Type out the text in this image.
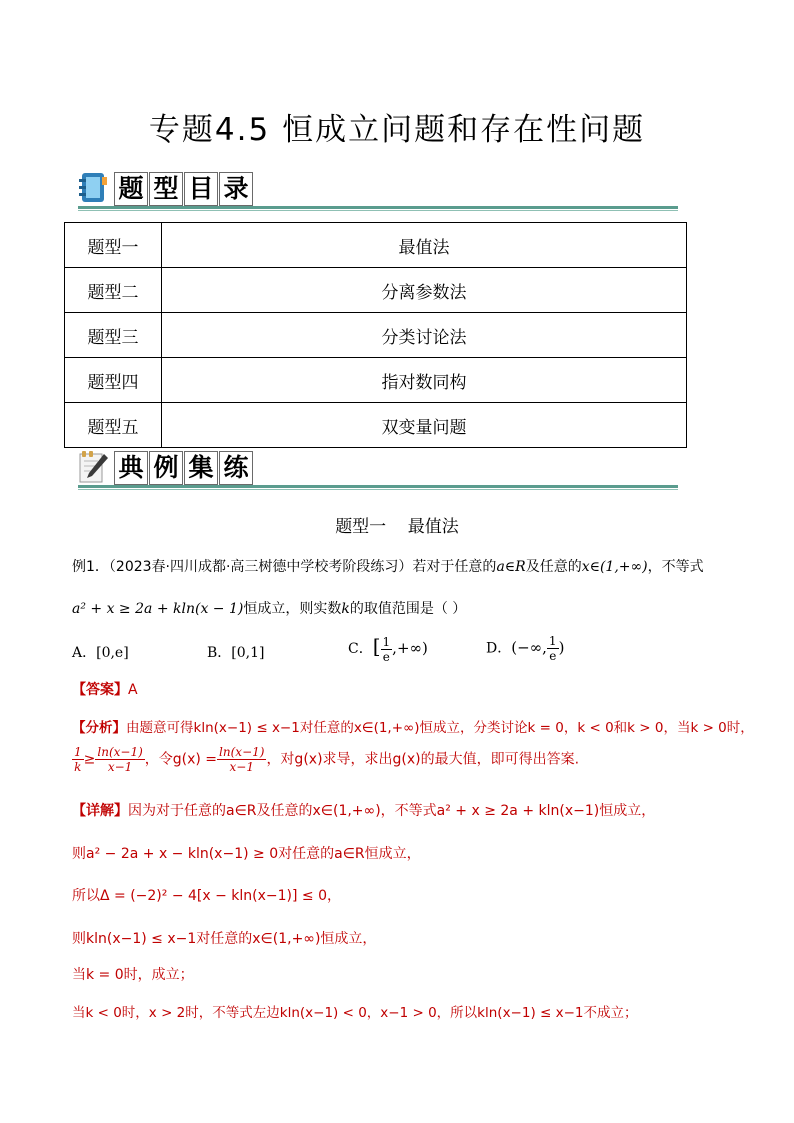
专题4.5 恒成立问题和存在性问题
题 型 目 录
题型一	最值法
题型二	分离参数法
题型三	分类讨论法
题型四	指对数同构
题型五	双变量问题
典 例 集 练
题型一    最值法
例1．（2023春·四川成都·高三树德中学校考阶段练习）若对于任意的a∈R及任意的x∈(1,+∞)，不等式
a² + x ≥ 2a + kln(x − 1)恒成立，则实数k的取值范围是（ ）
A．[0,e]	B．[0,1]	C．[ $\frac{1}{e}$ ,+∞)	D．(−∞, $\frac{1}{e}$ )
【答案】A
【分析】由题意可得kln(x−1) ≤ x−1对任意的x∈(1,+∞)恒成立，分类讨论k = 0，k < 0和k > 0，当k > 0时，
$\frac{1}{k} \ge \frac{\ln(x-1)}{x-1}$ ，令$g(x) = \frac{\ln(x-1)}{x-1}$ ，对g(x)求导，求出g(x)的最大值，即可得出答案.
【详解】因为对于任意的a∈R及任意的x∈(1,+∞)，不等式a² + x ≥ 2a + kln(x−1)恒成立，
则a² − 2a + x − kln(x−1) ≥ 0对任意的a∈R恒成立，
所以Δ = (−2)² − 4[x − kln(x−1)] ≤ 0，
则kln(x−1) ≤ x−1对任意的x∈(1,+∞)恒成立，
当k = 0时，成立；
当k < 0时，x > 2时，不等式左边kln(x−1) < 0，x−1 > 0，所以kln(x−1) ≤ x−1不成立；
